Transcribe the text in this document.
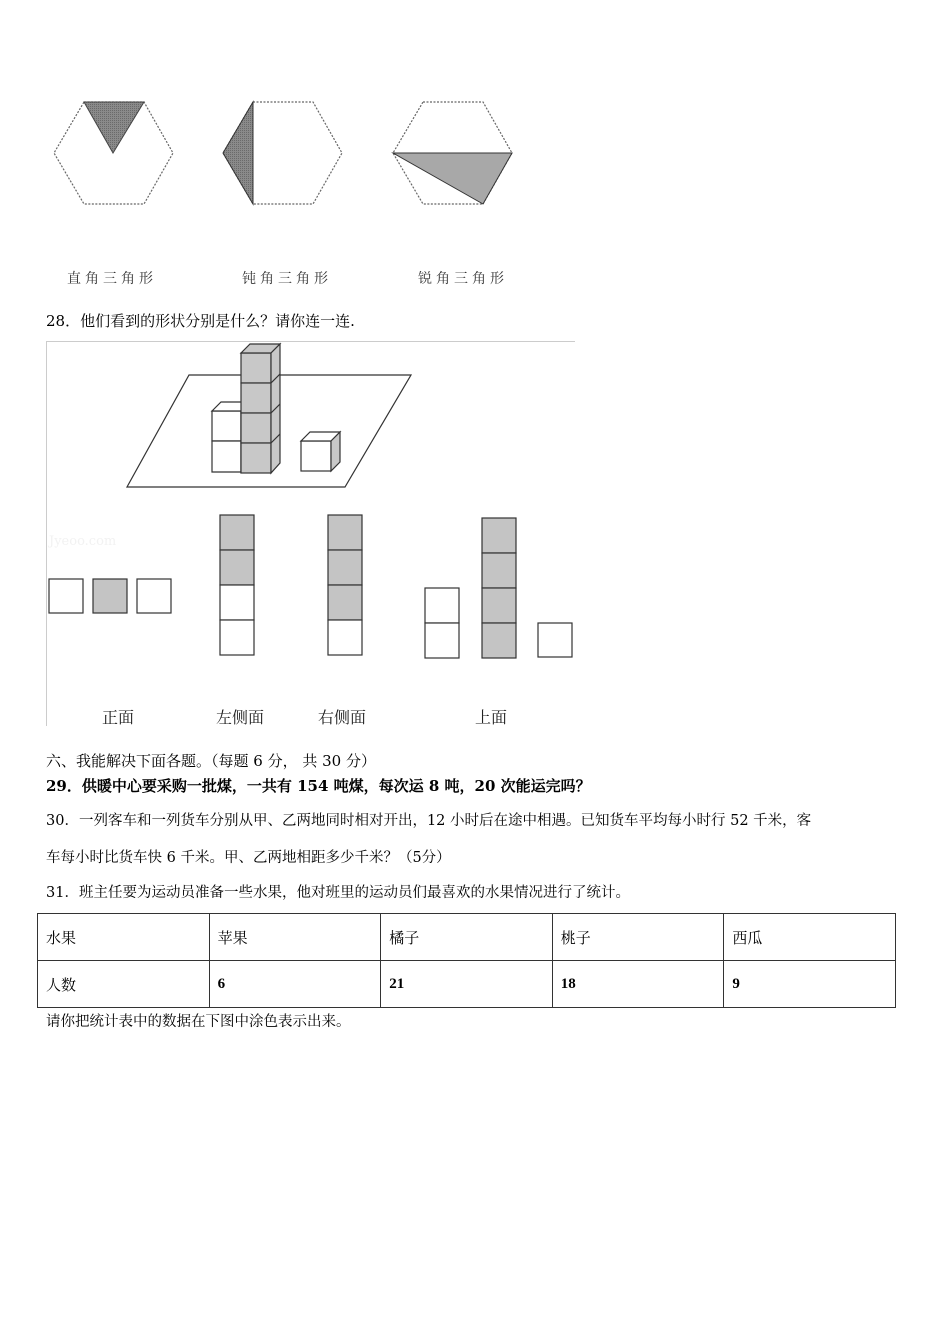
直角三角形	钝角三角形	锐角三角形
28．他们看到的形状分别是什么？请你连一连.
Jyeoo.com
正面	左侧面	右侧面	上面
六、我能解决下面各题。（每题 6 分， 共 30 分）
29．供暖中心要采购一批煤，一共有 154 吨煤，每次运 8 吨，20 次能运完吗？
30．一列客车和一列货车分别从甲、乙两地同时相对开出，12 小时后在途中相遇。已知货车平均每小时行 52 千米，客
车每小时比货车快 6 千米。甲、乙两地相距多少千米？（5分）
31．班主任要为运动员准备一些水果，他对班里的运动员们最喜欢的水果情况进行了统计。
水果	苹果	橘子	桃子	西瓜
人数	6	21	18	9
请你把统计表中的数据在下图中涂色表示出来。
